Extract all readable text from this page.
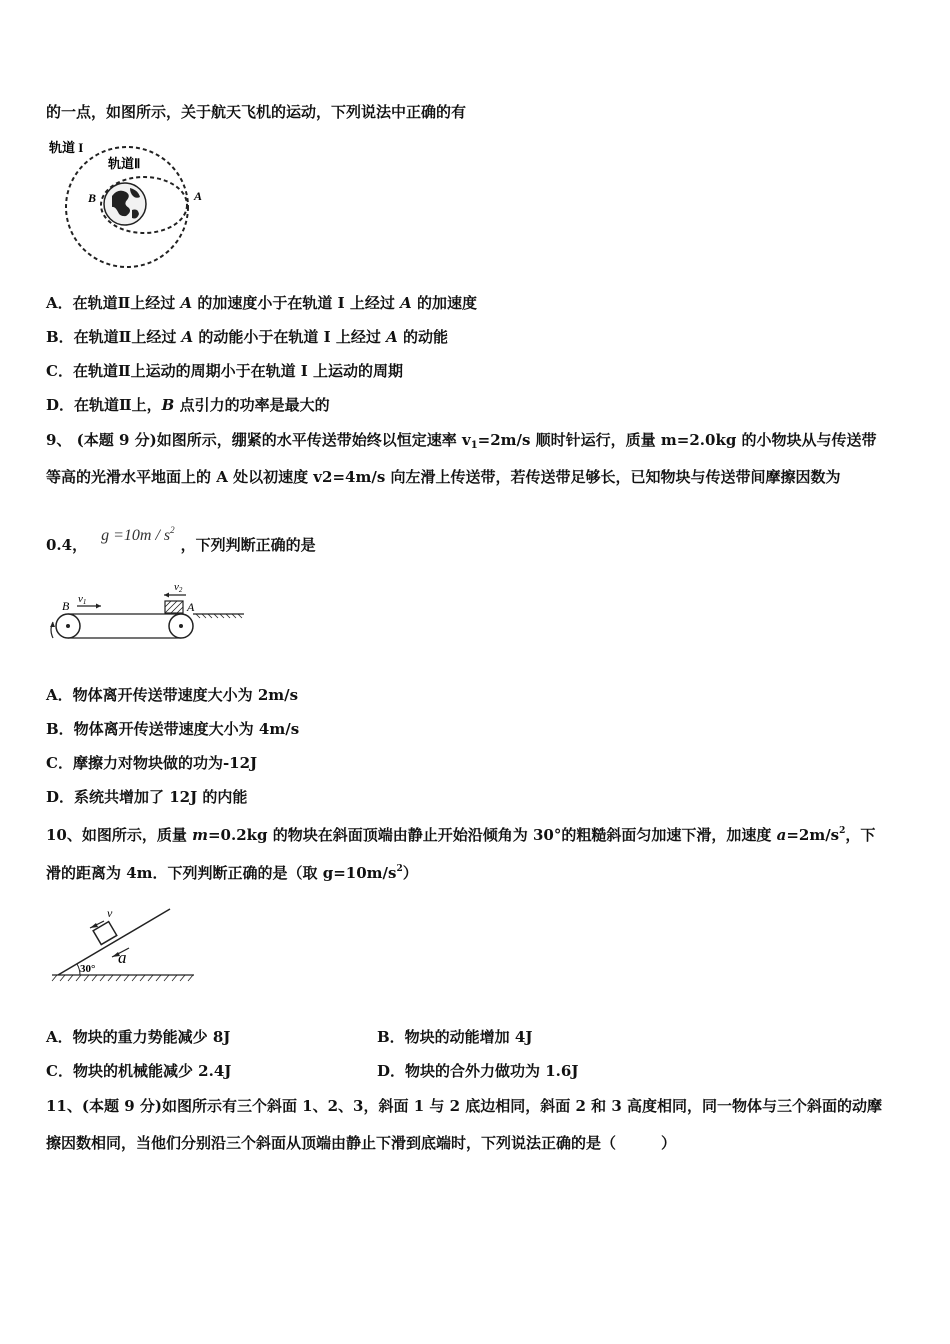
的一点，如图所示，关于航天飞机的运动，下列说法中正确的有
轨道 I
轨道Ⅱ
B	A
A．在轨道Ⅱ上经过 A 的加速度小于在轨道 I 上经过 A 的加速度
B．在轨道Ⅱ上经过 A 的动能小于在轨道 I 上经过 A 的动能
C．在轨道Ⅱ上运动的周期小于在轨道 I 上运动的周期
D．在轨道Ⅱ上，B 点引力的功率是最大的
9、 (本题 9 分)如图所示，绷紧的水平传送带始终以恒定速率 $v_1=2m/s$ 顺时针运行，质量 m=2.0kg 的小物块从与传送带
等高的光滑水平地面上的 A 处以初速度 v2=4m/s 向左滑上传送带，若传送带足够长，已知物块与传送带间摩擦因数为
0.4，$g =10m / s^2$，下列判断正确的是
B v1
v2
A
A．物体离开传送带速度大小为 2m/s
B．物体离开传送带速度大小为 4m/s
C．摩擦力对物块做的功为-12J
D．系统共增加了 12J 的内能
10、如图所示，质量 m=0.2kg 的物块在斜面顶端由静止开始沿倾角为 30°的粗糙斜面匀加速下滑，加速度 $a=2m/s^2$，下
滑的距离为 4m．下列判断正确的是（取 $g=10m/s^2$）
30°
v
a
A．物块的重力势能减少 8J	B．物块的动能增加 4J
C．物块的机械能减少 2.4J	D．物块的合外力做功为 1.6J
11、(本题 9 分)如图所示有三个斜面 1、2、3，斜面 1 与 2 底边相同，斜面 2 和 3 高度相同，同一物体与三个斜面的动摩
擦因数相同，当他们分别沿三个斜面从顶端由静止下滑到底端时，下列说法正确的是（　　　）
